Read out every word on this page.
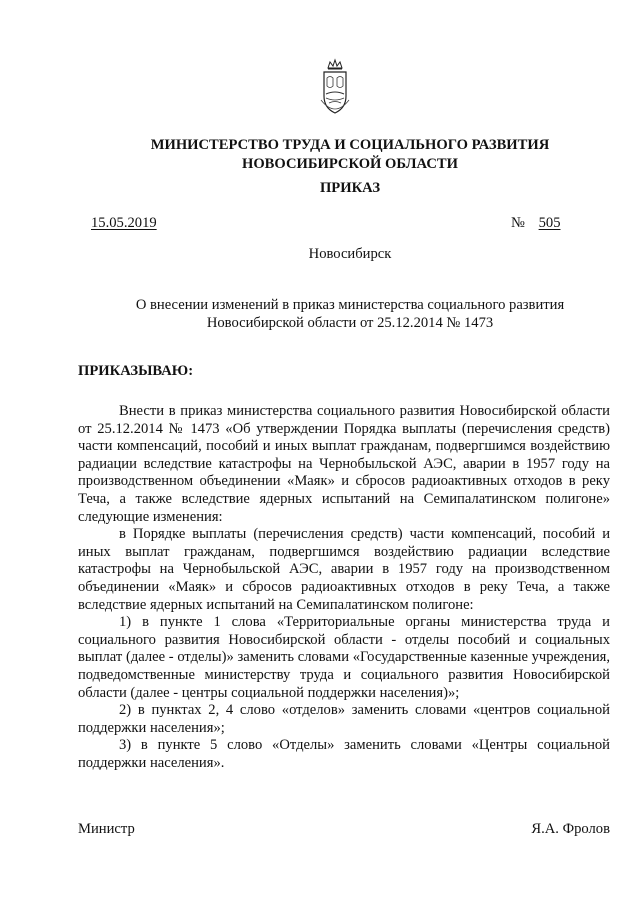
МИНИСТЕРСТВО ТРУДА И СОЦИАЛЬНОГО РАЗВИТИЯ
НОВОСИБИРСКОЙ ОБЛАСТИ
ПРИКАЗ
15.05.2019	№ 505
Новосибирск
О внесении изменений в приказ министерства социального развития
Новосибирской области от 25.12.2014 № 1473
ПРИКАЗЫВАЮ:

Внести в приказ министерства социального развития Новосибирской области от 25.12.2014 № 1473 «Об утверждении Порядка выплаты (перечисления средств) части компенсаций, пособий и иных выплат гражданам, подвергшимся воздействию радиации вследствие катастрофы на Чернобыльской АЭС, аварии в 1957 году на производственном объединении «Маяк» и сбросов радиоактивных отходов в реку Теча, а также вследствие ядерных испытаний на Семипалатинском полигоне» следующие изменения:

в Порядке выплаты (перечисления средств) части компенсаций, пособий и иных выплат гражданам, подвергшимся воздействию радиации вследствие катастрофы на Чернобыльской АЭС, аварии в 1957 году на производственном объединении «Маяк» и сбросов радиоактивных отходов в реку Теча, а также вследствие ядерных испытаний на Семипалатинском полигоне:

1) в пункте 1 слова «Территориальные органы министерства труда и социального развития Новосибирской области - отделы пособий и социальных выплат (далее - отделы)» заменить словами «Государственные казенные учреждения, подведомственные министерству труда и социального развития Новосибирской области (далее - центры социальной поддержки населения)»;

2) в пунктах 2, 4 слово «отделов» заменить словами «центров социальной поддержки населения»;

3) в пункте 5 слово «Отделы» заменить словами «Центры социальной поддержки населения».

Министр	Я.А. Фролов
